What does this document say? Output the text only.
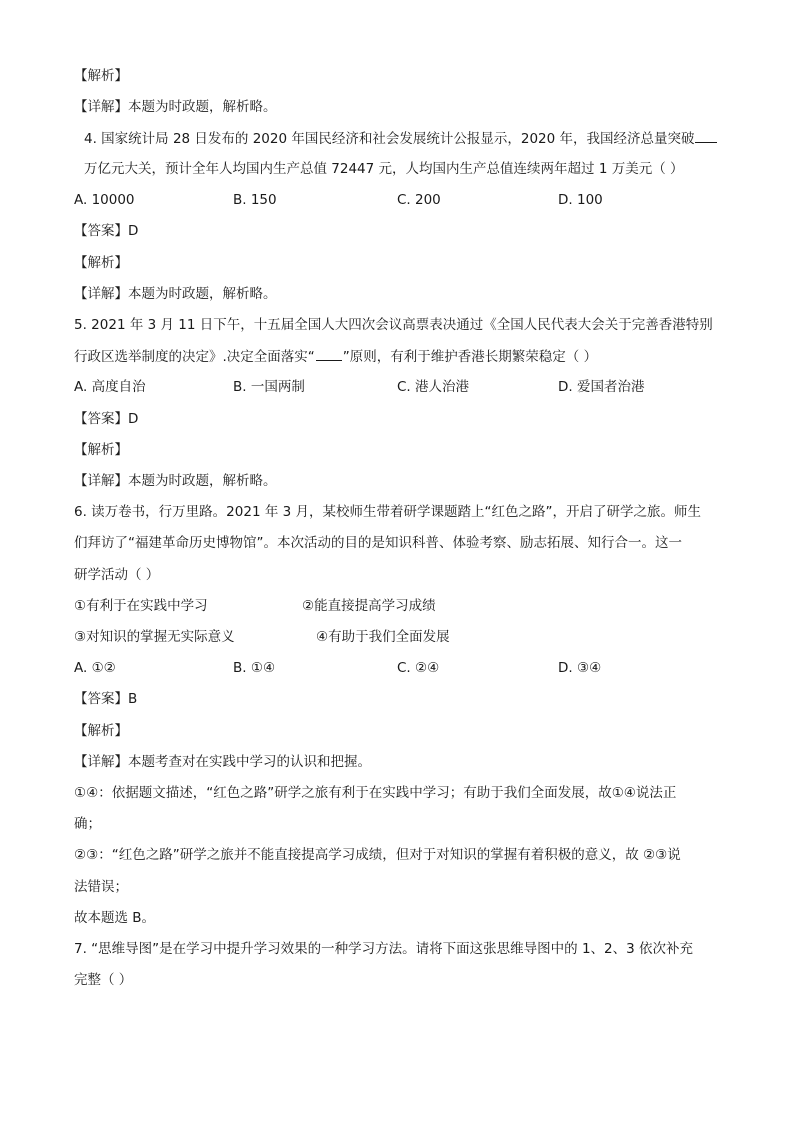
【解析】
【详解】本题为时政题，解析略。
4. 国家统计局 28 日发布的 2020 年国民经济和社会发展统计公报显示，2020 年，我国经济总量突破
万亿元大关，预计全年人均国内生产总值 72447 元，人均国内生产总值连续两年超过 1 万美元（ ）
A. 10000	B. 150	C. 200	D. 100
【答案】D
【解析】
【详解】本题为时政题，解析略。
5. 2021 年 3 月 11 日下午，十五届全国人大四次会议高票表决通过《全国人民代表大会关于完善香港特别
行政区选举制度的决定》.决定全面落实“ ”原则，有利于维护香港长期繁荣稳定（ ）
A. 高度自治	B. 一国两制	C. 港人治港	D. 爱国者治港
【答案】D
【解析】
【详解】本题为时政题，解析略。
6. 读万卷书，行万里路。2021 年 3 月，某校师生带着研学课题踏上“红色之路”，开启了研学之旅。师生
们拜访了“福建革命历史博物馆”。本次活动的目的是知识科普、体验考察、励志拓展、知行合一。这一
研学活动（ ）
①有利于在实践中学习	②能直接提高学习成绩
③对知识的掌握无实际意义	④有助于我们全面发展
A. ①②	B. ①④	C. ②④	D. ③④
【答案】B
【解析】
【详解】本题考查对在实践中学习的认识和把握。
①④：依据题文描述，“红色之路”研学之旅有利于在实践中学习；有助于我们全面发展，故①④说法正
确；
②③：“红色之路”研学之旅并不能直接提高学习成绩，但对于对知识的掌握有着积极的意义，故 ②③说
法错误；
故本题选 B。
7. “思维导图”是在学习中提升学习效果的一种学习方法。请将下面这张思维导图中的 1、2、3 依次补充
完整（ ）
